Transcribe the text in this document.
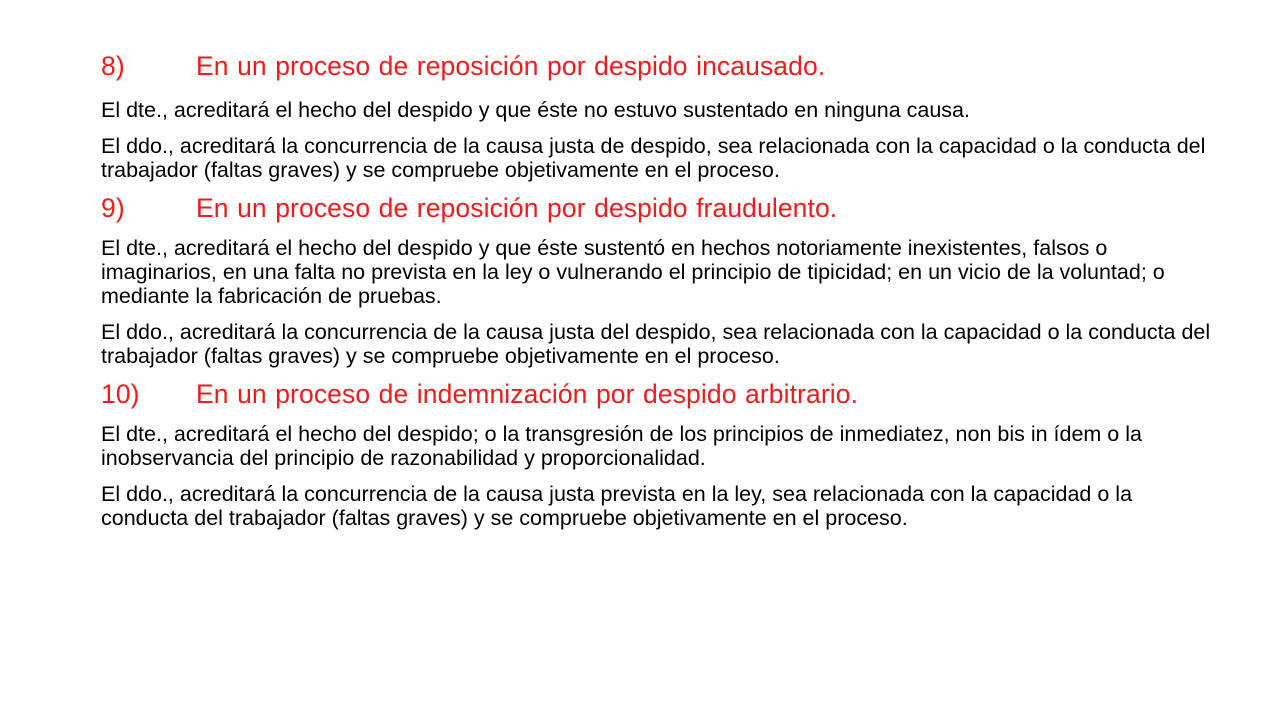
8)	En un proceso de reposición por despido incausado.

El dte., acreditará el hecho del despido y que éste no estuvo sustentado en ninguna causa.

El ddo., acreditará la concurrencia de la causa justa de despido, sea relacionada con la capacidad o la conducta del trabajador (faltas graves) y se compruebe objetivamente en el proceso.

9)	En un proceso de reposición por despido fraudulento.

El dte., acreditará el hecho del despido y que éste sustentó en hechos notoriamente inexistentes, falsos o imaginarios, en una falta no prevista en la ley o vulnerando el principio de tipicidad; en un vicio de la voluntad; o mediante la fabricación de pruebas.

El ddo., acreditará la concurrencia de la causa justa del despido, sea relacionada con la capacidad o la conducta del trabajador (faltas graves) y se compruebe objetivamente en el proceso.

10)	En un proceso de indemnización por despido arbitrario.

El dte., acreditará el hecho del despido; o la transgresión de los principios de inmediatez, non bis in ídem o la inobservancia del principio de razonabilidad y proporcionalidad.

El ddo., acreditará la concurrencia de la causa justa prevista en la ley, sea relacionada con la capacidad o la conducta del trabajador (faltas graves) y se compruebe objetivamente en el proceso.
